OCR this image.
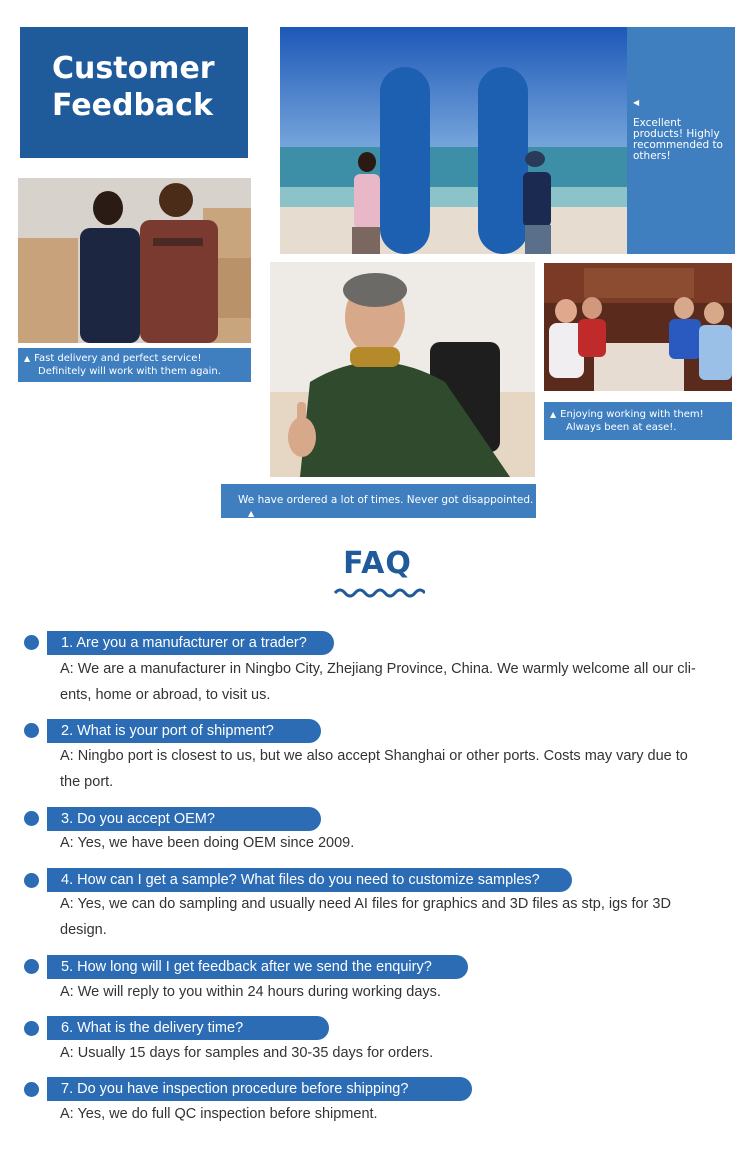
Customer
Feedback	◀
Excellent products! Highly recommended to others!
▲ Fast delivery and perfect service!
Definitely will work with them again.
We have ordered a lot of times. Never got disappointed. ▲
▲ Enjoying working with them!
Always been at ease!.
FAQ
1. Are you a manufacturer or a trader?
A: We are a manufacturer in Ningbo City, Zhejiang Province, China. We warmly welcome all our cli-ents, home or abroad, to visit us.
2. What is your port of shipment?
A: Ningbo port is closest to us, but we also accept Shanghai or other ports. Costs may vary due to the port.
3. Do you accept OEM?
A: Yes, we have been doing OEM since 2009.
4. How can I get a sample? What files do you need to customize samples?
A: Yes, we can do sampling and usually need AI files for graphics and 3D files as stp, igs for 3D design.
5. How long will I get feedback after we send the enquiry?
A: We will reply to you within 24 hours during working days.
6. What is the delivery time?
A: Usually 15 days for samples and 30-35 days for orders.
7. Do you have inspection procedure before shipping?
A: Yes, we do full QC inspection before shipment.
